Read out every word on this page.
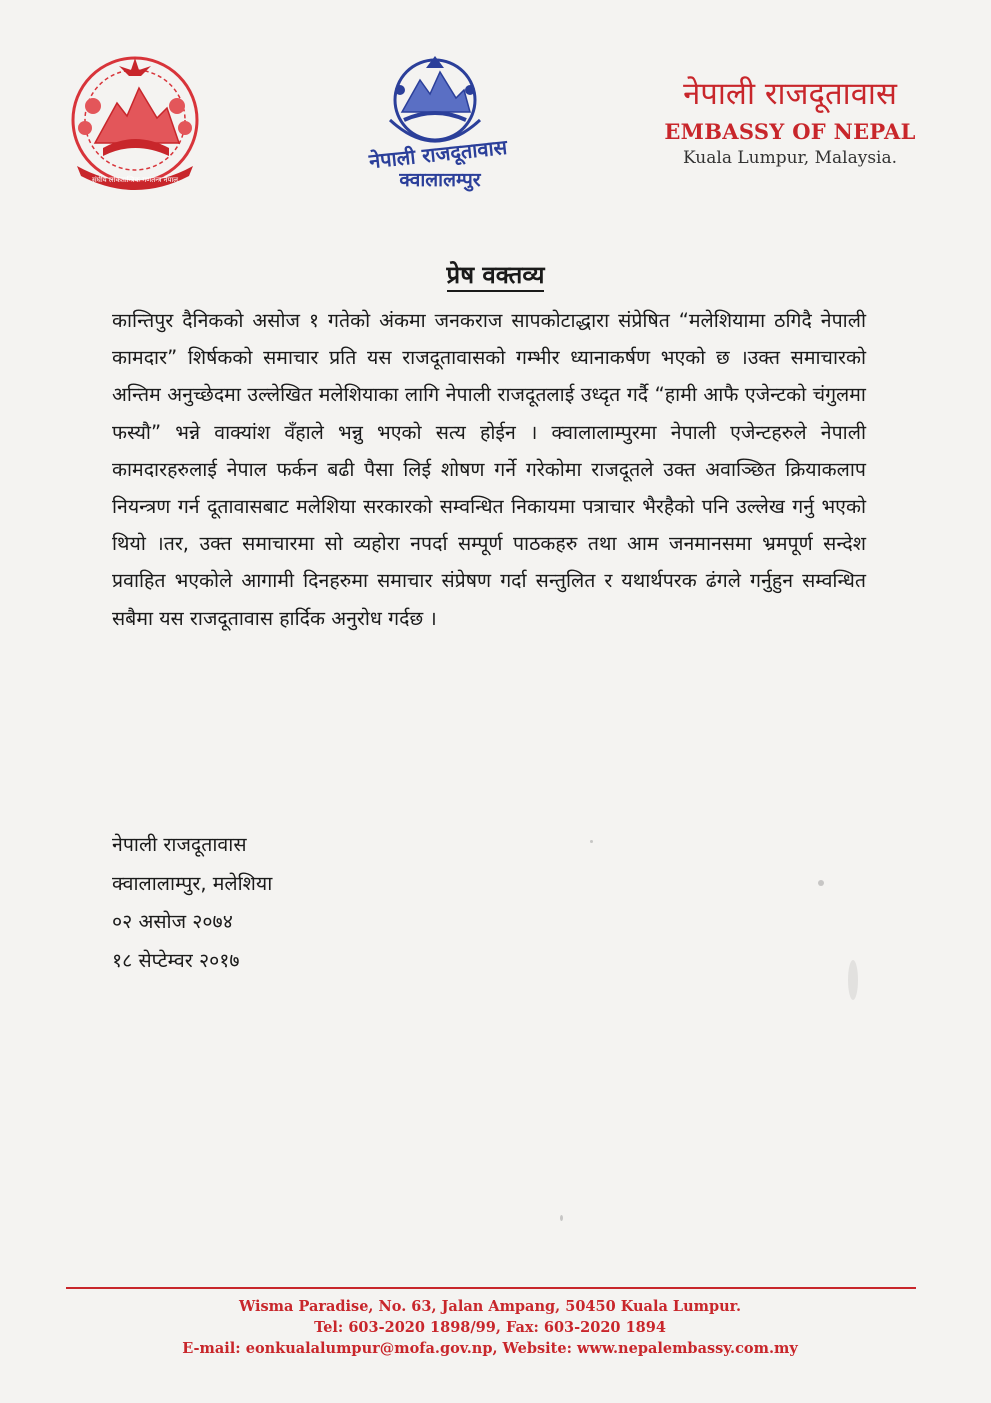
संघीय लोकतान्त्रिक गणतन्त्र नेपाल
नेपाली राजदूतावास
क्वालालम्पुर
नेपाली राजदूतावास
EMBASSY OF NEPAL
Kuala Lumpur, Malaysia.
प्रेष वक्तव्य
कान्तिपुर दैनिकको असोज १ गतेको अंकमा जनकराज सापकोटाद्धारा संप्रेषित “मलेशियामा ठगिदै नेपाली कामदार” शिर्षकको समाचार प्रति यस राजदूतावासको गम्भीर ध्यानाकर्षण भएको छ ।उक्त समाचारको अन्तिम अनुच्छेदमा उल्लेखित मलेशियाका लागि नेपाली राजदूतलाई उध्दृत गर्दै “हामी आफै एजेन्टको चंगुलमा फस्यौ” भन्ने वाक्यांश वँहाले भन्नु भएको सत्य होईन । क्वालालाम्पुरमा नेपाली एजेन्टहरुले नेपाली कामदारहरुलाई नेपाल फर्कन बढी पैसा लिई शोषण गर्ने गरेकोमा राजदूतले उक्त अवाञ्छित क्रियाकलाप नियन्त्रण गर्न दूतावासबाट मलेशिया सरकारको सम्वन्धित निकायमा पत्राचार भैरहैको पनि उल्लेख गर्नु भएको थियो ।तर, उक्त समाचारमा सो व्यहोरा नपर्दा सम्पूर्ण पाठकहरु तथा आम जनमानसमा भ्रमपूर्ण सन्देश प्रवाहित भएकोले आगामी दिनहरुमा समाचार संप्रेषण गर्दा सन्तुलित र यथार्थपरक ढंगले गर्नुहुन सम्वन्धित सबैमा यस राजदूतावास हार्दिक अनुरोध गर्दछ ।
नेपाली राजदूतावास
क्वालालाम्पुर, मलेशिया
०२ असोज २०७४
१८ सेप्टेम्वर २०१७
Wisma Paradise, No. 63, Jalan Ampang, 50450 Kuala Lumpur.
Tel: 603-2020 1898/99, Fax: 603-2020 1894
E-mail: eonkualalumpur@mofa.gov.np, Website: www.nepalembassy.com.my
